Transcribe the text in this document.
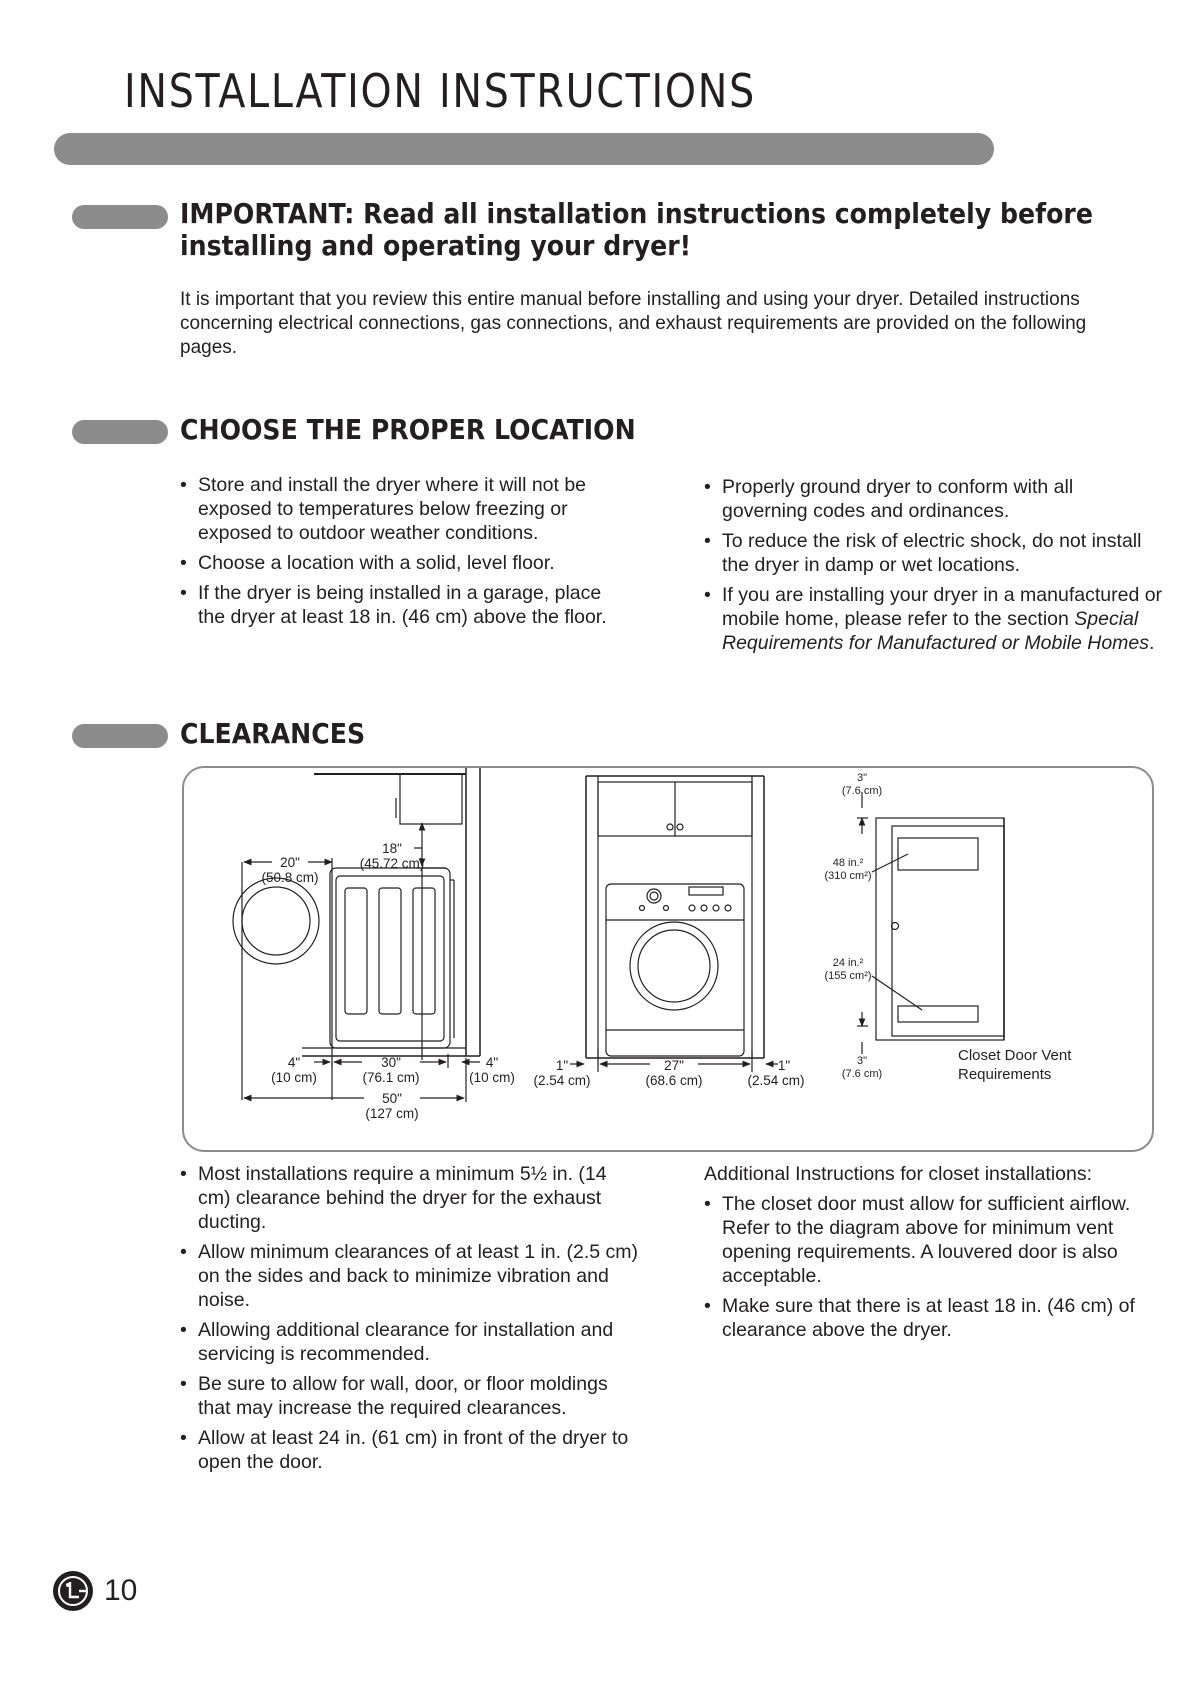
INSTALLATION INSTRUCTIONS
IMPORTANT: Read all installation instructions completely before installing and operating your dryer!

It is important that you review this entire manual before installing and using your dryer. Detailed instructions concerning electrical connections, gas connections, and exhaust requirements are provided on the following pages.

CHOOSE THE PROPER LOCATION
• Store and install the dryer where it will not be exposed to temperatures below freezing or exposed to outdoor weather conditions.
• Choose a location with a solid, level floor.
• If the dryer is being installed in a garage, place the dryer at least 18 in. (46 cm) above the floor.
• Properly ground dryer to conform with all governing codes and ordinances.
• To reduce the risk of electric shock, do not install the dryer in damp or wet locations.
• If you are installing your dryer in a manufactured or mobile home, please refer to the section Special Requirements for Manufactured or Mobile Homes.
CLEARANCES
20"
(50.8 cm)
18"
(45.72 cm)
4"
(10 cm)
30"
(76.1 cm)
4"
(10 cm)
50"
(127 cm)
1"
(2.54 cm)
27"
(68.6 cm)
1"
(2.54 cm)
3"
(7.6 cm)
48 in.²
(310 cm²)
24 in.²
(155 cm²)
3"
(7.6 cm)
Closet Door Vent
Requirements
• Most installations require a minimum 5½ in. (14 cm) clearance behind the dryer for the exhaust ducting.
• Allow minimum clearances of at least 1 in. (2.5 cm) on the sides and back to minimize vibration and noise.
• Allowing additional clearance for installation and servicing is recommended.
• Be sure to allow for wall, door, or floor moldings that may increase the required clearances.
• Allow at least 24 in. (61 cm) in front of the dryer to open the door.

Additional Instructions for closet installations:

• The closet door must allow for sufficient airflow. Refer to the diagram above for minimum vent opening requirements. A louvered door is also acceptable.
• Make sure that there is at least 18 in. (46 cm) of clearance above the dryer.
10
